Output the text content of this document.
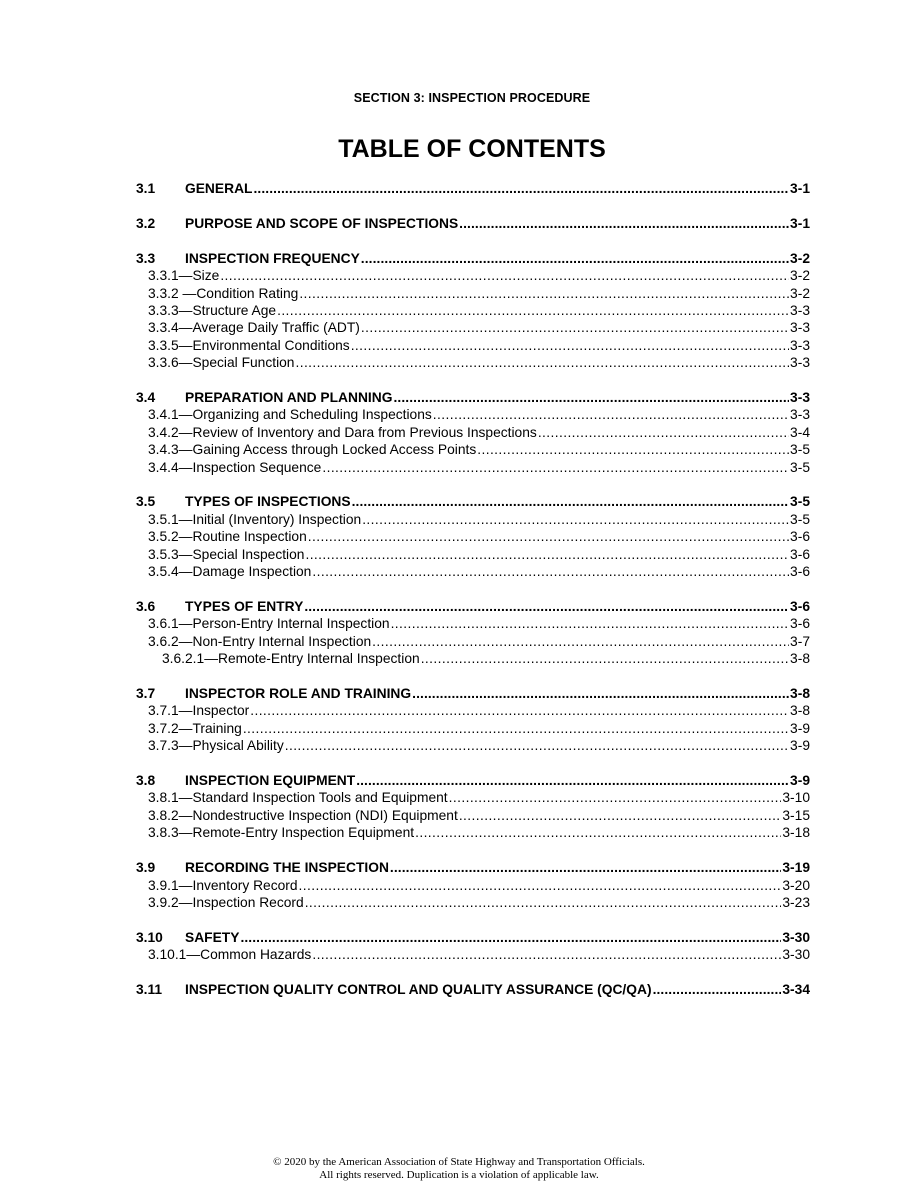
SECTION 3: INSPECTION PROCEDURE
TABLE OF CONTENTS
3.1	GENERAL .....	3-1
3.2	PURPOSE AND SCOPE OF INSPECTIONS .....	3-1
3.3	INSPECTION FREQUENCY .....	3-2
3.3.1—Size .....	3-2
3.3.2 —Condition Rating .....	3-2
3.3.3—Structure Age .....	3-3
3.3.4—Average Daily Traffic (ADT) .....	3-3
3.3.5—Environmental Conditions .....	3-3
3.3.6—Special Function .....	3-3
3.4	PREPARATION AND PLANNING .....	3-3
3.4.1—Organizing and Scheduling Inspections .....	3-3
3.4.2—Review of Inventory and Dara from Previous Inspections .....	3-4
3.4.3—Gaining Access through Locked Access Points .....	3-5
3.4.4—Inspection Sequence .....	3-5
3.5	TYPES OF INSPECTIONS .....	3-5
3.5.1—Initial (Inventory) Inspection .....	3-5
3.5.2—Routine Inspection .....	3-6
3.5.3—Special Inspection .....	3-6
3.5.4—Damage Inspection .....	3-6
3.6	TYPES OF ENTRY .....	3-6
3.6.1—Person-Entry Internal Inspection .....	3-6
3.6.2—Non-Entry Internal Inspection .....	3-7
3.6.2.1—Remote-Entry Internal Inspection .....	3-8
3.7	INSPECTOR ROLE AND TRAINING .....	3-8
3.7.1—Inspector .....	3-8
3.7.2—Training .....	3-9
3.7.3—Physical Ability .....	3-9
3.8	INSPECTION EQUIPMENT .....	3-9
3.8.1—Standard Inspection Tools and Equipment .....	3-10
3.8.2—Nondestructive Inspection (NDI) Equipment .....	3-15
3.8.3—Remote-Entry Inspection Equipment .....	3-18
3.9	RECORDING THE INSPECTION .....	3-19
3.9.1—Inventory Record .....	3-20
3.9.2—Inspection Record .....	3-23
3.10	SAFETY .....	3-30
3.10.1—Common Hazards .....	3-30
3.11	INSPECTION QUALITY CONTROL AND QUALITY ASSURANCE (QC/QA) .....	3-34
© 2020 by the American Association of State Highway and Transportation Officials.
All rights reserved. Duplication is a violation of applicable law.
